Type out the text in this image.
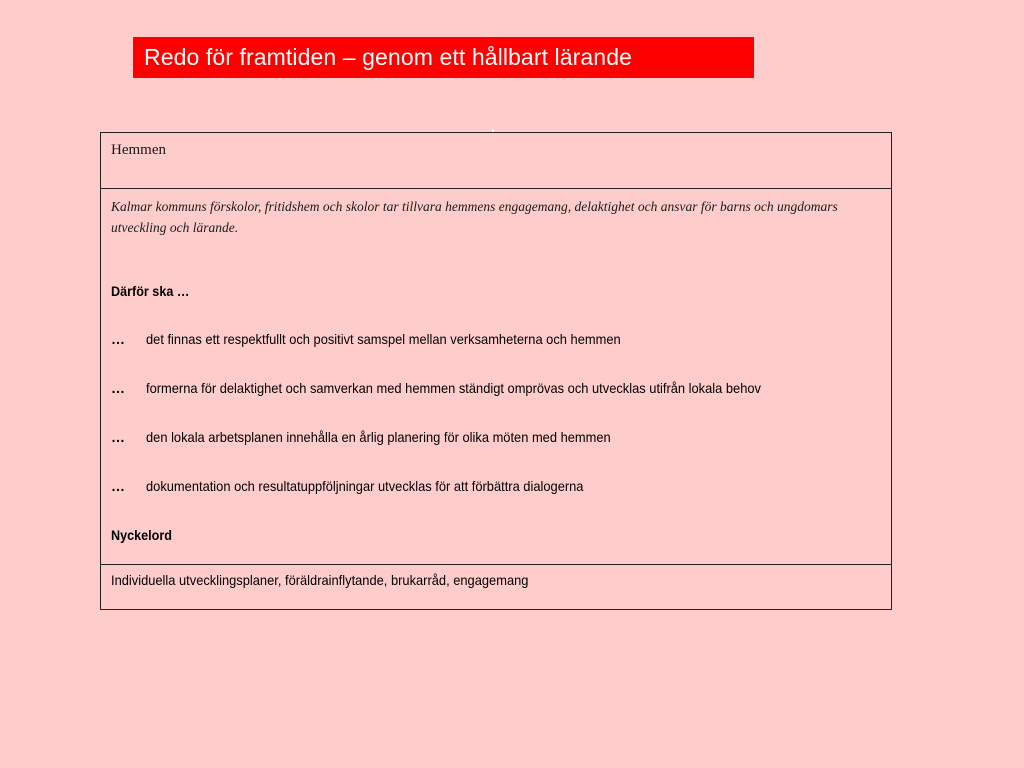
Redo för framtiden – genom ett hållbart lärande
Hemmen
Kalmar kommuns förskolor, fritidshem och skolor tar tillvara hemmens engagemang, delaktighet och ansvar för barns och ungdomars utveckling och lärande.
Därför ska …
… det finnas ett respektfullt och positivt samspel mellan verksamheterna och hemmen
… formerna för delaktighet och samverkan med hemmen ständigt omprövas och utvecklas utifrån lokala behov
… den lokala arbetsplanen innehålla en årlig planering för olika möten med hemmen
… dokumentation och resultatuppföljningar utvecklas för att förbättra dialogerna
Nyckelord
Individuella utvecklingsplaner, föräldrainflytande, brukarråd, engagemang
